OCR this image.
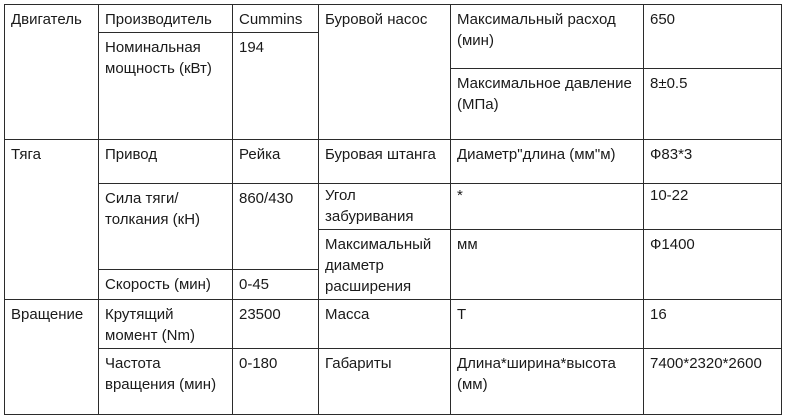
Двигатель	Производитель	Cummins	Буровой насос	Максимальный расход (мин)	650
	Номинальная мощность (кВт)	194			
				Максимальное давление (МПа)	8±0.5
Тяга	Привод	Рейка	Буровая штанга	Диаметр"длина (мм"м)	Ф83*3
	Сила тяги/толкания (кН)	860/430	Угол забуривания	*	10-22
			Максимальный диаметр расширения	мм	Ф1400
	Скорость (мин)	0-45			
Вращение	Крутящий момент (Nm)	23500	Масса	Т	16
	Частота вращения (мин)	0-180	Габариты	Длина*ширина*высота (мм)	7400*2320*2600
